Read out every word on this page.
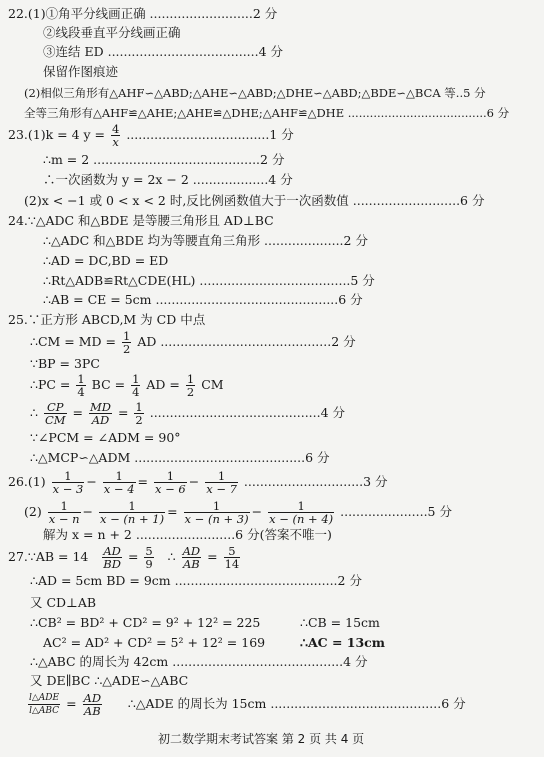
22.(1)①角平分线画正确 ..........................2 分
②线段垂直平分线画正确
③连结 ED ......................................4 分
保留作图痕迹
(2)相似三角形有△AHF∽△ABD;△AHE∽△ABD;△DHE∽△ABD;△BDE∽△BCA 等..5 分
全等三角形有△AHF≌△AHE;△AHE≌△DHE;△AHF≌△DHE ......................................6 分
23.(1)k = 4 $y = \frac{4}{x} ....................................1$ 分
∴m = 2 ..........................................2 分
∴一次函数为 y = 2x − 2 ...................4 分
(2)x < −1 或 0 < x < 2 时,反比例函数值大于一次函数值 ...........................6 分
24.∵△ADC 和△BDE 是等腰三角形且 AD⊥BC
∴△ADC 和△BDE 均为等腰直角三角形 ....................2 分
∴AD = DC,BD = ED
∴Rt△ADB≌Rt△CDE(HL) ......................................5 分
∴AB = CE = 5cm ..............................................6 分
25.∵正方形 ABCD,M 为 CD 中点
∴CM = MD = $\frac{1}{2}$ AD ...........................................2 分
∵BP = 3PC
∴PC = $\frac{1}{4}$ BC = $\frac{1}{4}$ AD = $\frac{1}{2}$ CM
∴ $\frac{CP}{CM} = \frac{MD}{AD} = \frac{1}{2} ...........................................4$ 分
∵∠PCM = ∠ADM = 90°
∴△MCP∽△ADM ...........................................6 分
$26.(1) \frac{1}{x - 3} - \frac{1}{x - 4} = \frac{1}{x - 6} - \frac{1}{x - 7} ..............................3$ 分
$(2) \frac{1}{x - n} - \frac{1}{x - (n + 1)} = \frac{1}{x - (n + 3)} - \frac{1}{x - (n + 4)} ......................5$ 分
解为 x = n + 2 .........................6 分(答案不唯一)
27.∵AB = $14 \frac{AD}{BD} = \frac{5}{9}$ ∴ $\frac{AD}{AB} = \frac{5}{14}$
∴AD = 5cm BD = 9cm .........................................2 分
又 CD⊥AB
∴CB² = BD² + CD² = 9² + 12² = 225	∴CB = 15cm
AC² = AD² + CD² = 5² + 12² = 169	∴AC = 13cm
∴△ABC 的周长为 42cm ...........................................4 分
又 DE∥BC ∴△ADE∽△ABC
$\frac{\text{l△ADE}}{\text{l△ABC}} = \frac{AD}{AB}$ ∴△ADE 的周长为 15cm ...........................................6 分
初二数学期末考试答案 第 2 页 共 4 页
